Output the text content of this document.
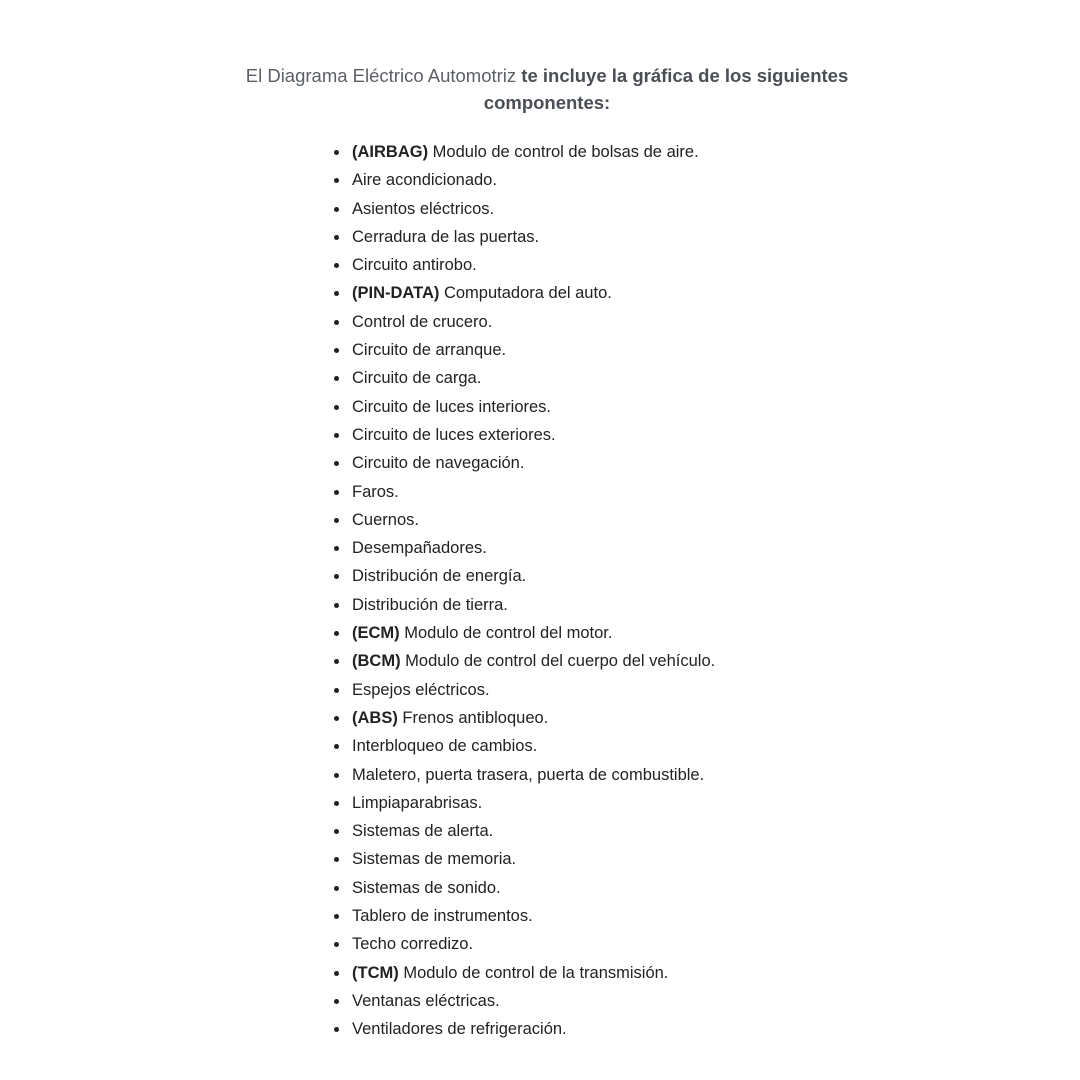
El Diagrama Eléctrico Automotriz te incluye la gráfica de los siguientes componentes:
(AIRBAG) Modulo de control de bolsas de aire.
Aire acondicionado.
Asientos eléctricos.
Cerradura de las puertas.
Circuito antirobo.
(PIN-DATA) Computadora del auto.
Control de crucero.
Circuito de arranque.
Circuito de carga.
Circuito de luces interiores.
Circuito de luces exteriores.
Circuito de navegación.
Faros.
Cuernos.
Desempañadores.
Distribución de energía.
Distribución de tierra.
(ECM) Modulo de control del motor.
(BCM) Modulo de control del cuerpo del vehículo.
Espejos eléctricos.
(ABS) Frenos antibloqueo.
Interbloqueo de cambios.
Maletero, puerta trasera, puerta de combustible.
Limpiaparabrisas.
Sistemas de alerta.
Sistemas de memoria.
Sistemas de sonido.
Tablero de instrumentos.
Techo corredizo.
(TCM) Modulo de control de la transmisión.
Ventanas eléctricas.
Ventiladores de refrigeración.
